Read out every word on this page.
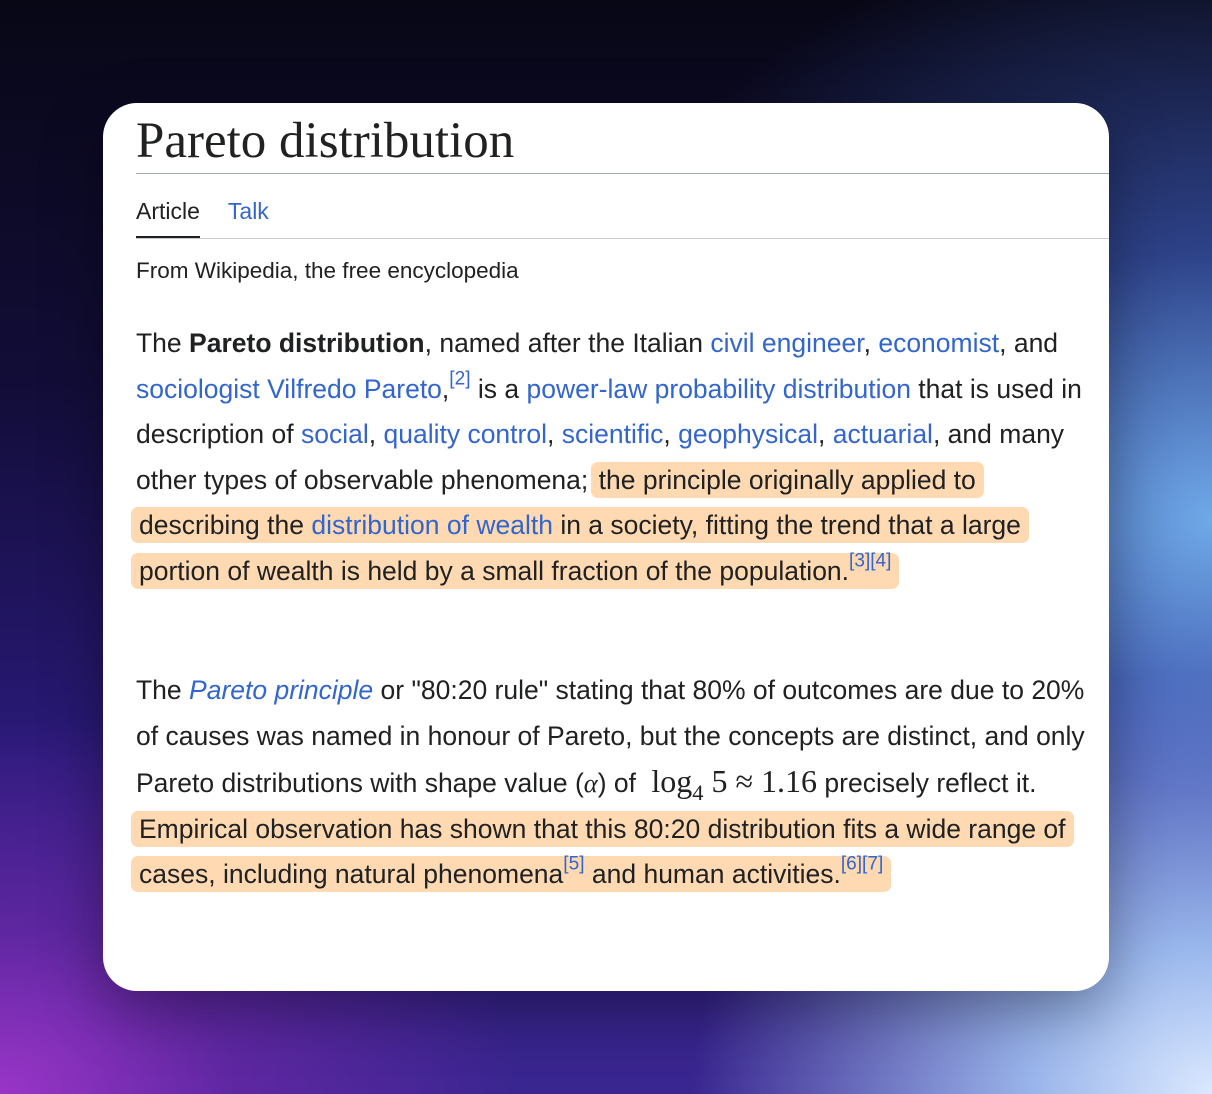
Pareto distribution
Article Talk
From Wikipedia, the free encyclopedia

The Pareto distribution, named after the Italian civil engineer, economist, and sociologist Vilfredo Pareto,[2] is a power-law probability distribution that is used in description of social, quality control, scientific, geophysical, actuarial, and many other types of observable phenomena; the principle originally applied to describing the distribution of wealth in a society, fitting the trend that a large portion of wealth is held by a small fraction of the population.[3][4]

The Pareto principle or "80:20 rule" stating that 80% of outcomes are due to 20% of causes was named in honour of Pareto, but the concepts are distinct, and only Pareto distributions with shape value (α) of $\log_4 5 \approx 1.16$ precisely reflect it. Empirical observation has shown that this 80:20 distribution fits a wide range of cases, including natural phenomena[5] and human activities.[6][7]
